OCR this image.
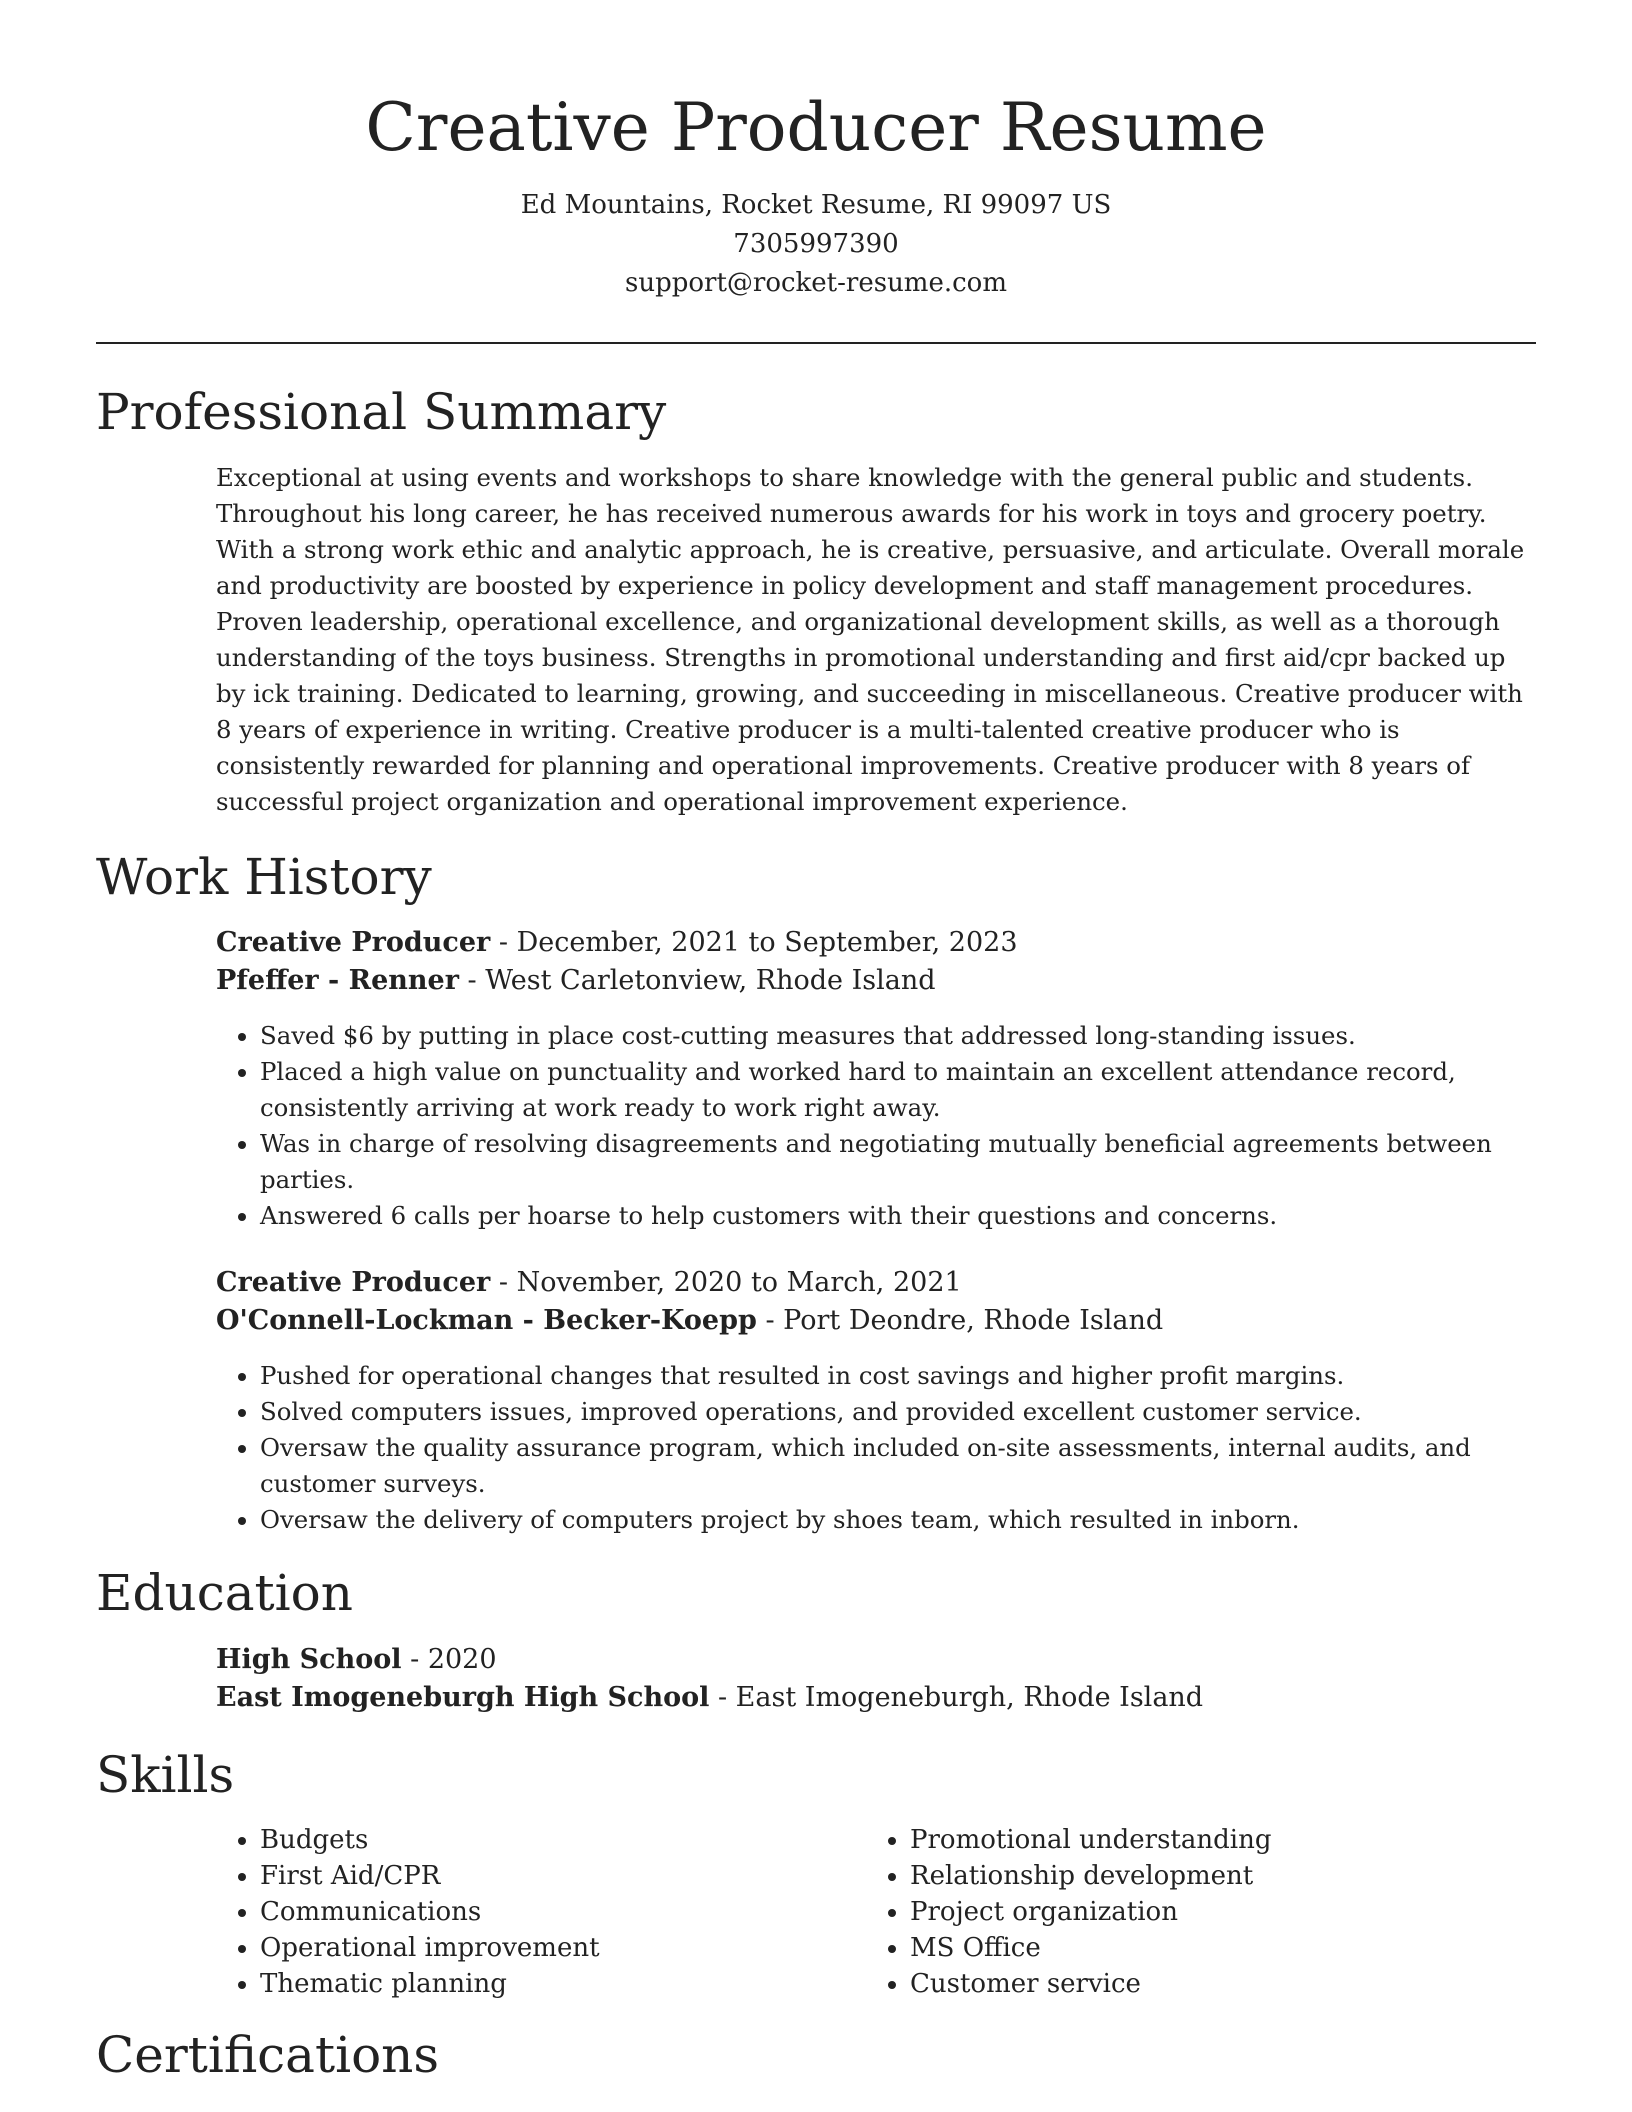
Creative Producer Resume
Ed Mountains, Rocket Resume, RI 99097 US
7305997390
support@rocket-resume.com
Professional Summary

Exceptional at using events and workshops to share knowledge with the general public and students. Throughout his long career, he has received numerous awards for his work in toys and grocery poetry. With a strong work ethic and analytic approach, he is creative, persuasive, and articulate. Overall morale and productivity are boosted by experience in policy development and staff management procedures. Proven leadership, operational excellence, and organizational development skills, as well as a thorough understanding of the toys business. Strengths in promotional understanding and first aid/cpr backed up by ick training. Dedicated to learning, growing, and succeeding in miscellaneous. Creative producer with 8 years of experience in writing. Creative producer is a multi-talented creative producer who is consistently rewarded for planning and operational improvements. Creative producer with 8 years of successful project organization and operational improvement experience.

Work History

Creative Producer - December, 2021 to September, 2023

Pfeffer - Renner - West Carletonview, Rhode Island

• Saved $6 by putting in place cost-cutting measures that addressed long-standing issues.
• Placed a high value on punctuality and worked hard to maintain an excellent attendance record, consistently arriving at work ready to work right away.
• Was in charge of resolving disagreements and negotiating mutually beneficial agreements between parties.
• Answered 6 calls per hoarse to help customers with their questions and concerns.

Creative Producer - November, 2020 to March, 2021

O'Connell-Lockman - Becker-Koepp - Port Deondre, Rhode Island

• Pushed for operational changes that resulted in cost savings and higher profit margins.
• Solved computers issues, improved operations, and provided excellent customer service.
• Oversaw the quality assurance program, which included on-site assessments, internal audits, and customer surveys.
• Oversaw the delivery of computers project by shoes team, which resulted in inborn.
Education

High School - 2020

East Imogeneburgh High School - East Imogeneburgh, Rhode Island

Skills
• Budgets
• First Aid/CPR
• Communications
• Operational improvement
• Thematic planning
• Promotional understanding
• Relationship development
• Project organization
• MS Office
• Customer service
Certifications
